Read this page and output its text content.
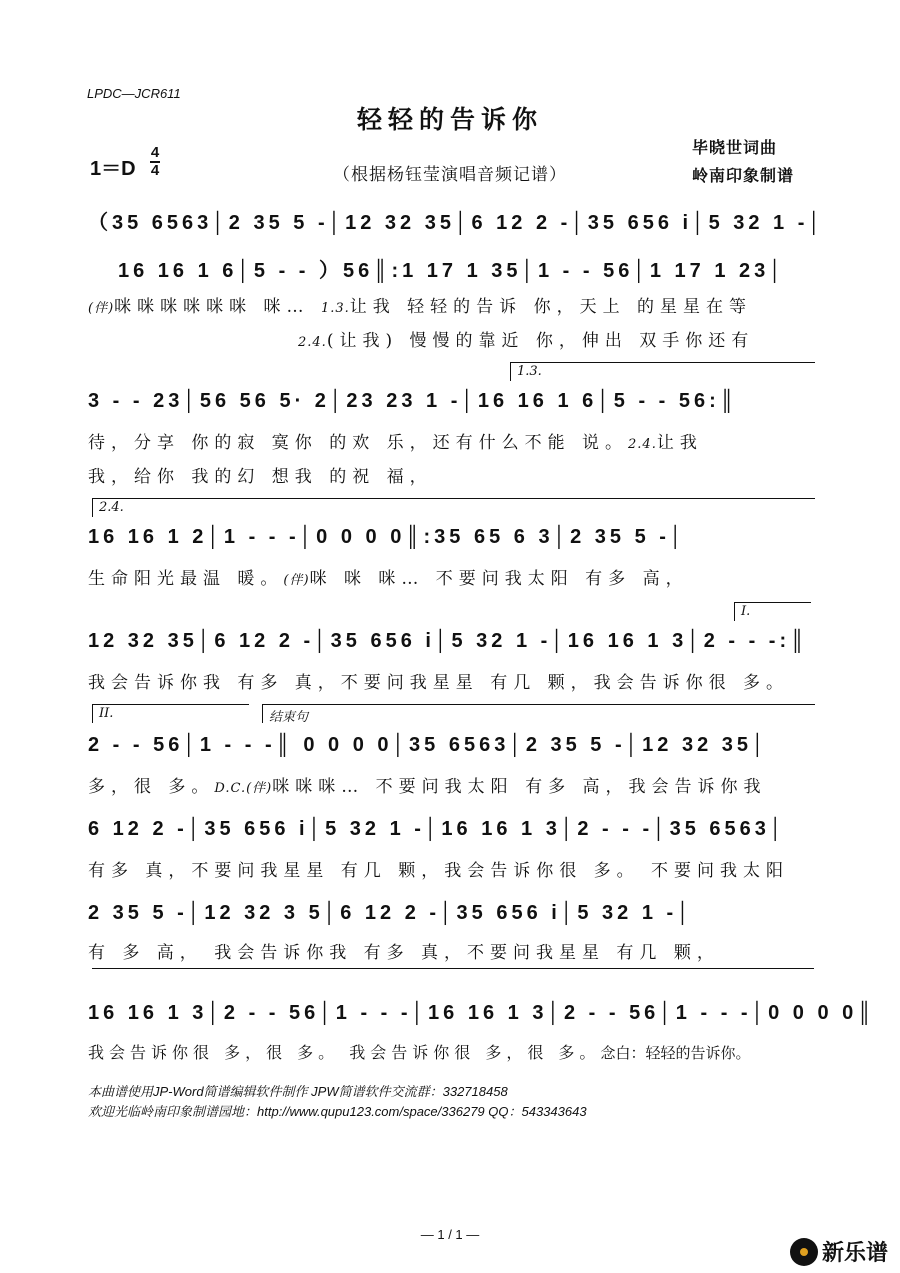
LPDC—JCR611
轻轻的告诉你
毕晓世词曲
岭南印象制谱
1＝D
4
4	（根据杨钰莹演唱音频记谱）
（35 6563│2 35 5 -│12 32 35│6 12 2 -│35 656 i│5 32 1 -│
16 16 1 6│5 - - ）56║:1 17 1 35│1 - - 56│1 17 1 23│
(伴)咪咪咪咪咪咪 咪… 1.3.让我 轻轻的告诉 你，天上 的星星在等
2.4.(让我) 慢慢的靠近 你，伸出 双手你还有
1.3.
3 - - 23│56 56 5· 2│23 23 1 -│16 16 1 6│5 - - 56:║
待，分享 你的寂 寞你 的欢 乐，还有什么不能 说。2.4.让我
我，给你 我的幻 想我 的祝 福，
2.4.
16 16 1 2│1 - - -│0 0 0 0║:35 65 6 3│2 35 5 -│
生命阳光最温 暖。(伴)咪 咪 咪… 不要问我太阳 有多 高，
I.
12 32 35│6 12 2 -│35 656 i│5 32 1 -│16 16 1 3│2 - - -:║
我会告诉你我 有多 真，不要问我星星 有几 颗，我会告诉你很 多。
II.	结束句
2 - - 56│1 - - -║ 0 0 0 0│35 6563│2 35 5 -│12 32 35│
多，很 多。D.C.(伴)咪咪咪… 不要问我太阳 有多 高，我会告诉你我
6 12 2 -│35 656 i│5 32 1 -│16 16 1 3│2 - - -│35 6563│
有多 真，不要问我星星 有几 颗，我会告诉你很 多。 不要问我太阳
2 35 5 -│12 32 3 5│6 12 2 -│35 656 i│5 32 1 -│
有 多 高， 我会告诉你我 有多 真，不要问我星星 有几 颗，
16 16 1 3│2 - - 56│1 - - -│16 16 1 3│2 - - 56│1 - - -│0 0 0 0║
我会告诉你很 多，很 多。 我会告诉你很 多，很 多。念白：轻轻的告诉你。
本曲谱使用JP-Word简谱编辑软件制作 JPW简谱软件交流群：332718458
欢迎光临岭南印象制谱园地：http://www.qupu123.com/space/336279 QQ：543343643
— 1 / 1 —
新乐谱
